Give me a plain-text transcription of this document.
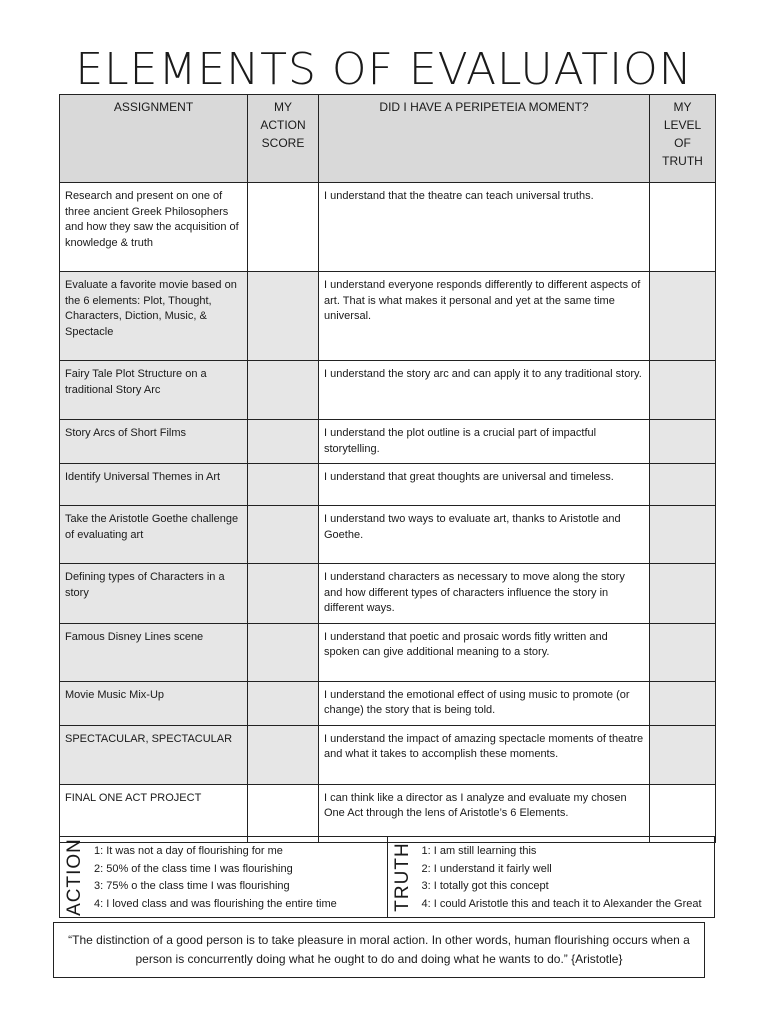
ELEMENTS OF EVALUATION
ASSIGNMENT	MY ACTION SCORE	DID I HAVE A PERIPETEIA MOMENT?	MY LEVEL OF TRUTH
Research and present on one of three ancient Greek Philosophers and how they saw the acquisition of knowledge & truth		I understand that the theatre can teach universal truths.	
Evaluate a favorite movie based on the 6 elements: Plot, Thought, Characters, Diction, Music, & Spectacle		I understand everyone responds differently to different aspects of art. That is what makes it personal and yet at the same time universal.	
Fairy Tale Plot Structure on a traditional Story Arc		I understand the story arc and can apply it to any traditional story.	
Story Arcs of Short Films		I understand the plot outline is a crucial part of impactful storytelling.	
Identify Universal Themes in Art		I understand that great thoughts are universal and timeless.	
Take the Aristotle Goethe challenge of evaluating art		I understand two ways to evaluate art, thanks to Aristotle and Goethe.	
Defining types of Characters in a story		I understand characters as necessary to move along the story and how different types of characters influence the story in different ways.	
Famous Disney Lines scene		I understand that poetic and prosaic words fitly written and spoken can give additional meaning to a story.	
Movie Music Mix-Up		I understand the emotional effect of using music to promote (or change) the story that is being told.	
SPECTACULAR, SPECTACULAR		I understand the impact of amazing spectacle moments of theatre and what it takes to accomplish these moments.	
FINAL ONE ACT PROJECT		I can think like a director as I analyze and evaluate my chosen One Act through the lens of Aristotle’s 6 Elements.	
ACTION 1: It was not a day of flourishing for me
2: 50% of the class time I was flourishing
3: 75% o the class time I was flourishing
4: I loved class and was flourishing the entire time	TRUTH 1: I am still learning this
2: I understand it fairly well
3: I totally got this concept
4: I could Aristotle this and teach it to Alexander the Great
“The distinction of a good person is to take pleasure in moral action. In other words, human flourishing occurs when a person is concurrently doing what he ought to do and doing what he wants to do.” {Aristotle}
